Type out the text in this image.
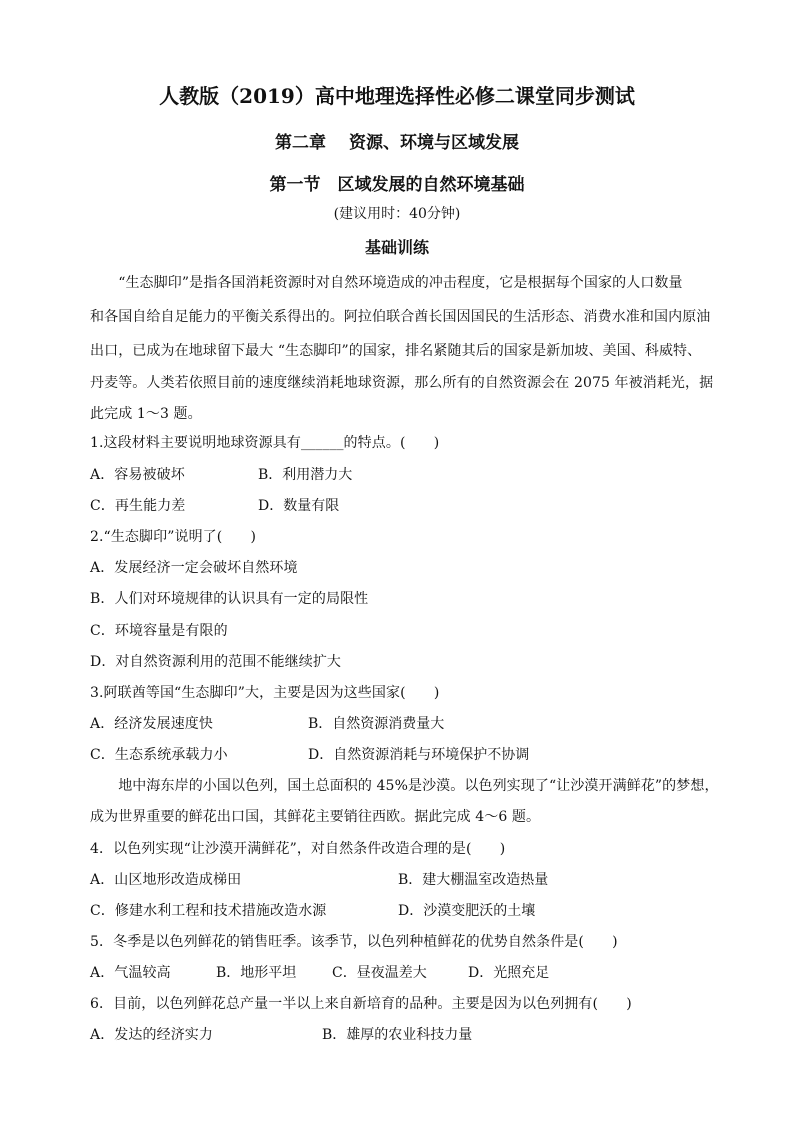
人教版（2019）高中地理选择性必修二课堂同步测试
第二章　 资源、环境与区域发展
第一节　区域发展的自然环境基础
(建议用时：40分钟)
基础训练
　　“生态脚印”是指各国消耗资源时对自然环境造成的冲击程度，它是根据每个国家的人口数量
和各国自给自足能力的平衡关系得出的。阿拉伯联合酋长国因国民的生活形态、消费水准和国内原油
出口，已成为在地球留下最大 “生态脚印”的国家，排名紧随其后的国家是新加坡、美国、科威特、
丹麦等。人类若依照目前的速度继续消耗地球资源，那么所有的自然资源会在 2075 年被消耗光，据
此完成 1～3 题。
1.这段材料主要说明地球资源具有______的特点。(　　)
A．容易被破坏	B．利用潜力大
C．再生能力差	D．数量有限
2.“生态脚印”说明了(　　)
A．发展经济一定会破坏自然环境
B．人们对环境规律的认识具有一定的局限性
C．环境容量是有限的
D．对自然资源利用的范围不能继续扩大
3.阿联酋等国“生态脚印”大，主要是因为这些国家(　　)
A．经济发展速度快	B．自然资源消费量大
C．生态系统承载力小	D．自然资源消耗与环境保护不协调
　　地中海东岸的小国以色列，国土总面积的 45%是沙漠。以色列实现了“让沙漠开满鲜花”的梦想，
成为世界重要的鲜花出口国，其鲜花主要销往西欧。据此完成 4～6 题。
4．以色列实现“让沙漠开满鲜花”，对自然条件改造合理的是(　　)
A．山区地形改造成梯田	B．建大棚温室改造热量
C．修建水利工程和技术措施改造水源	D．沙漠变肥沃的土壤
5．冬季是以色列鲜花的销售旺季。该季节，以色列种植鲜花的优势自然条件是(　　)
A．气温较高	B．地形平坦	C．昼夜温差大	D．光照充足
6．目前，以色列鲜花总产量一半以上来自新培育的品种。主要是因为以色列拥有(　　)
A．发达的经济实力	B．雄厚的农业科技力量
